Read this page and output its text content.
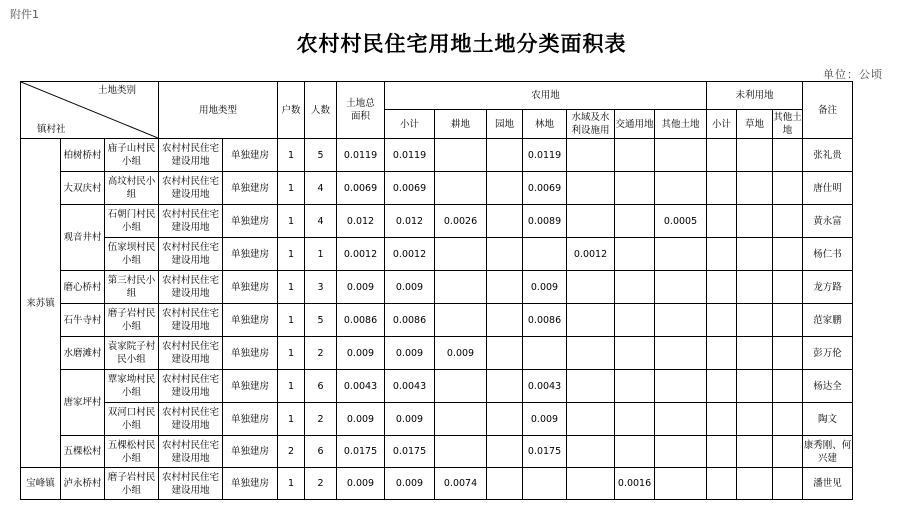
附件1
农村村民住宅用地土地分类面积表
单位：公顷
土地类别
镇村社			用地类型		户数	人数	土地总面积	农用地							未利用地			备注
								小计	耕地	园地	林地	水域及水利设施用	交通用地	其他土地	小计	草地	其他土地	
来苏镇	柏树桥村	庙子山村民小组	农村村民住宅建设用地	单独建房	1	5	0.0119	0.0119			0.0119							张礼贵
	大双庆村	高坟村民小组	农村村民住宅建设用地	单独建房	1	4	0.0069	0.0069			0.0069							唐仕明
	观音井村	石朝门村民小组	农村村民住宅建设用地	单独建房	1	4	0.012	0.012	0.0026		0.0089			0.0005				黄永富
		伍家坝村民小组	农村村民住宅建设用地	单独建房	1	1	0.0012	0.0012				0.0012						杨仁书
	磨心桥村	第三村民小组	农村村民住宅建设用地	单独建房	1	3	0.009	0.009			0.009							龙方路
	石牛寺村	磨子岩村民小组	农村村民住宅建设用地	单独建房	1	5	0.0086	0.0086			0.0086							范家鹏
	水磨滩村	袁家院子村民小组	农村村民住宅建设用地	单独建房	1	2	0.009	0.009	0.009									彭万伦
	唐家坪村	覃家坳村民小组	农村村民住宅建设用地	单独建房	1	6	0.0043	0.0043			0.0043							杨达全
		双河口村民小组	农村村民住宅建设用地	单独建房	1	2	0.009	0.009			0.009							陶文
	五棵松村	五棵松村民小组	农村村民住宅建设用地	单独建房	2	6	0.0175	0.0175			0.0175							康秀刚、何兴建
宝峰镇	泸永桥村	磨子岩村民小组	农村村民住宅建设用地	单独建房	1	2	0.009	0.009	0.0074				0.0016					潘世见
